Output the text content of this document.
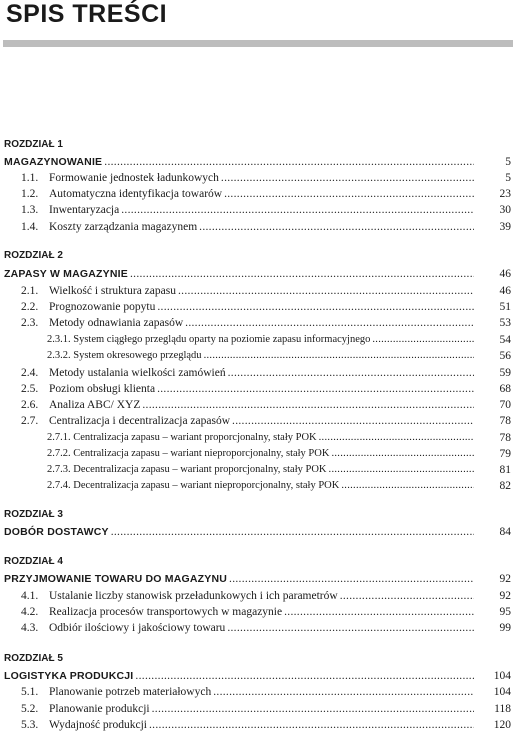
SPIS TREŚCI
ROZDZIAŁ 1
MAGAZYNOWANIE .....	5
1.1. Formowanie jednostek ładunkowych .....	5
1.2. Automatyczna identyfikacja towarów .....	23
1.3. Inwentaryzacja .....	30
1.4. Koszty zarządzania magazynem .....	39
ROZDZIAŁ 2
ZAPASY W MAGAZYNIE .....	46
2.1. Wielkość i struktura zapasu .....	46
2.2. Prognozowanie popytu .....	51
2.3. Metody odnawiania zapasów .....	53
2.3.1. System ciągłego przeglądu oparty na poziomie zapasu informacyjnego .....	54
2.3.2. System okresowego przeglądu .....	56
2.4. Metody ustalania wielkości zamówień .....	59
2.5. Poziom obsługi klienta .....	68
2.6. Analiza ABC/ XYZ .....	70
2.7. Centralizacja i decentralizacja zapasów .....	78
2.7.1. Centralizacja zapasu – wariant proporcjonalny, stały POK .....	78
2.7.2. Centralizacja zapasu – wariant nieproporcjonalny, stały POK .....	79
2.7.3. Decentralizacja zapasu – wariant proporcjonalny, stały POK .....	81
2.7.4. Decentralizacja zapasu – wariant nieproporcjonalny, stały POK .....	82
ROZDZIAŁ 3
DOBÓR DOSTAWCY .....	84
ROZDZIAŁ 4
PRZYJMOWANIE TOWARU DO MAGAZYNU .....	92
4.1. Ustalanie liczby stanowisk przeładunkowych i ich parametrów .....	92
4.2. Realizacja procesów transportowych w magazynie .....	95
4.3. Odbiór ilościowy i jakościowy towaru .....	99
ROZDZIAŁ 5
LOGISTYKA PRODUKCJI .....	104
5.1. Planowanie potrzeb materiałowych .....	104
5.2. Planowanie produkcji .....	118
5.3. Wydajność produkcji .....	120
